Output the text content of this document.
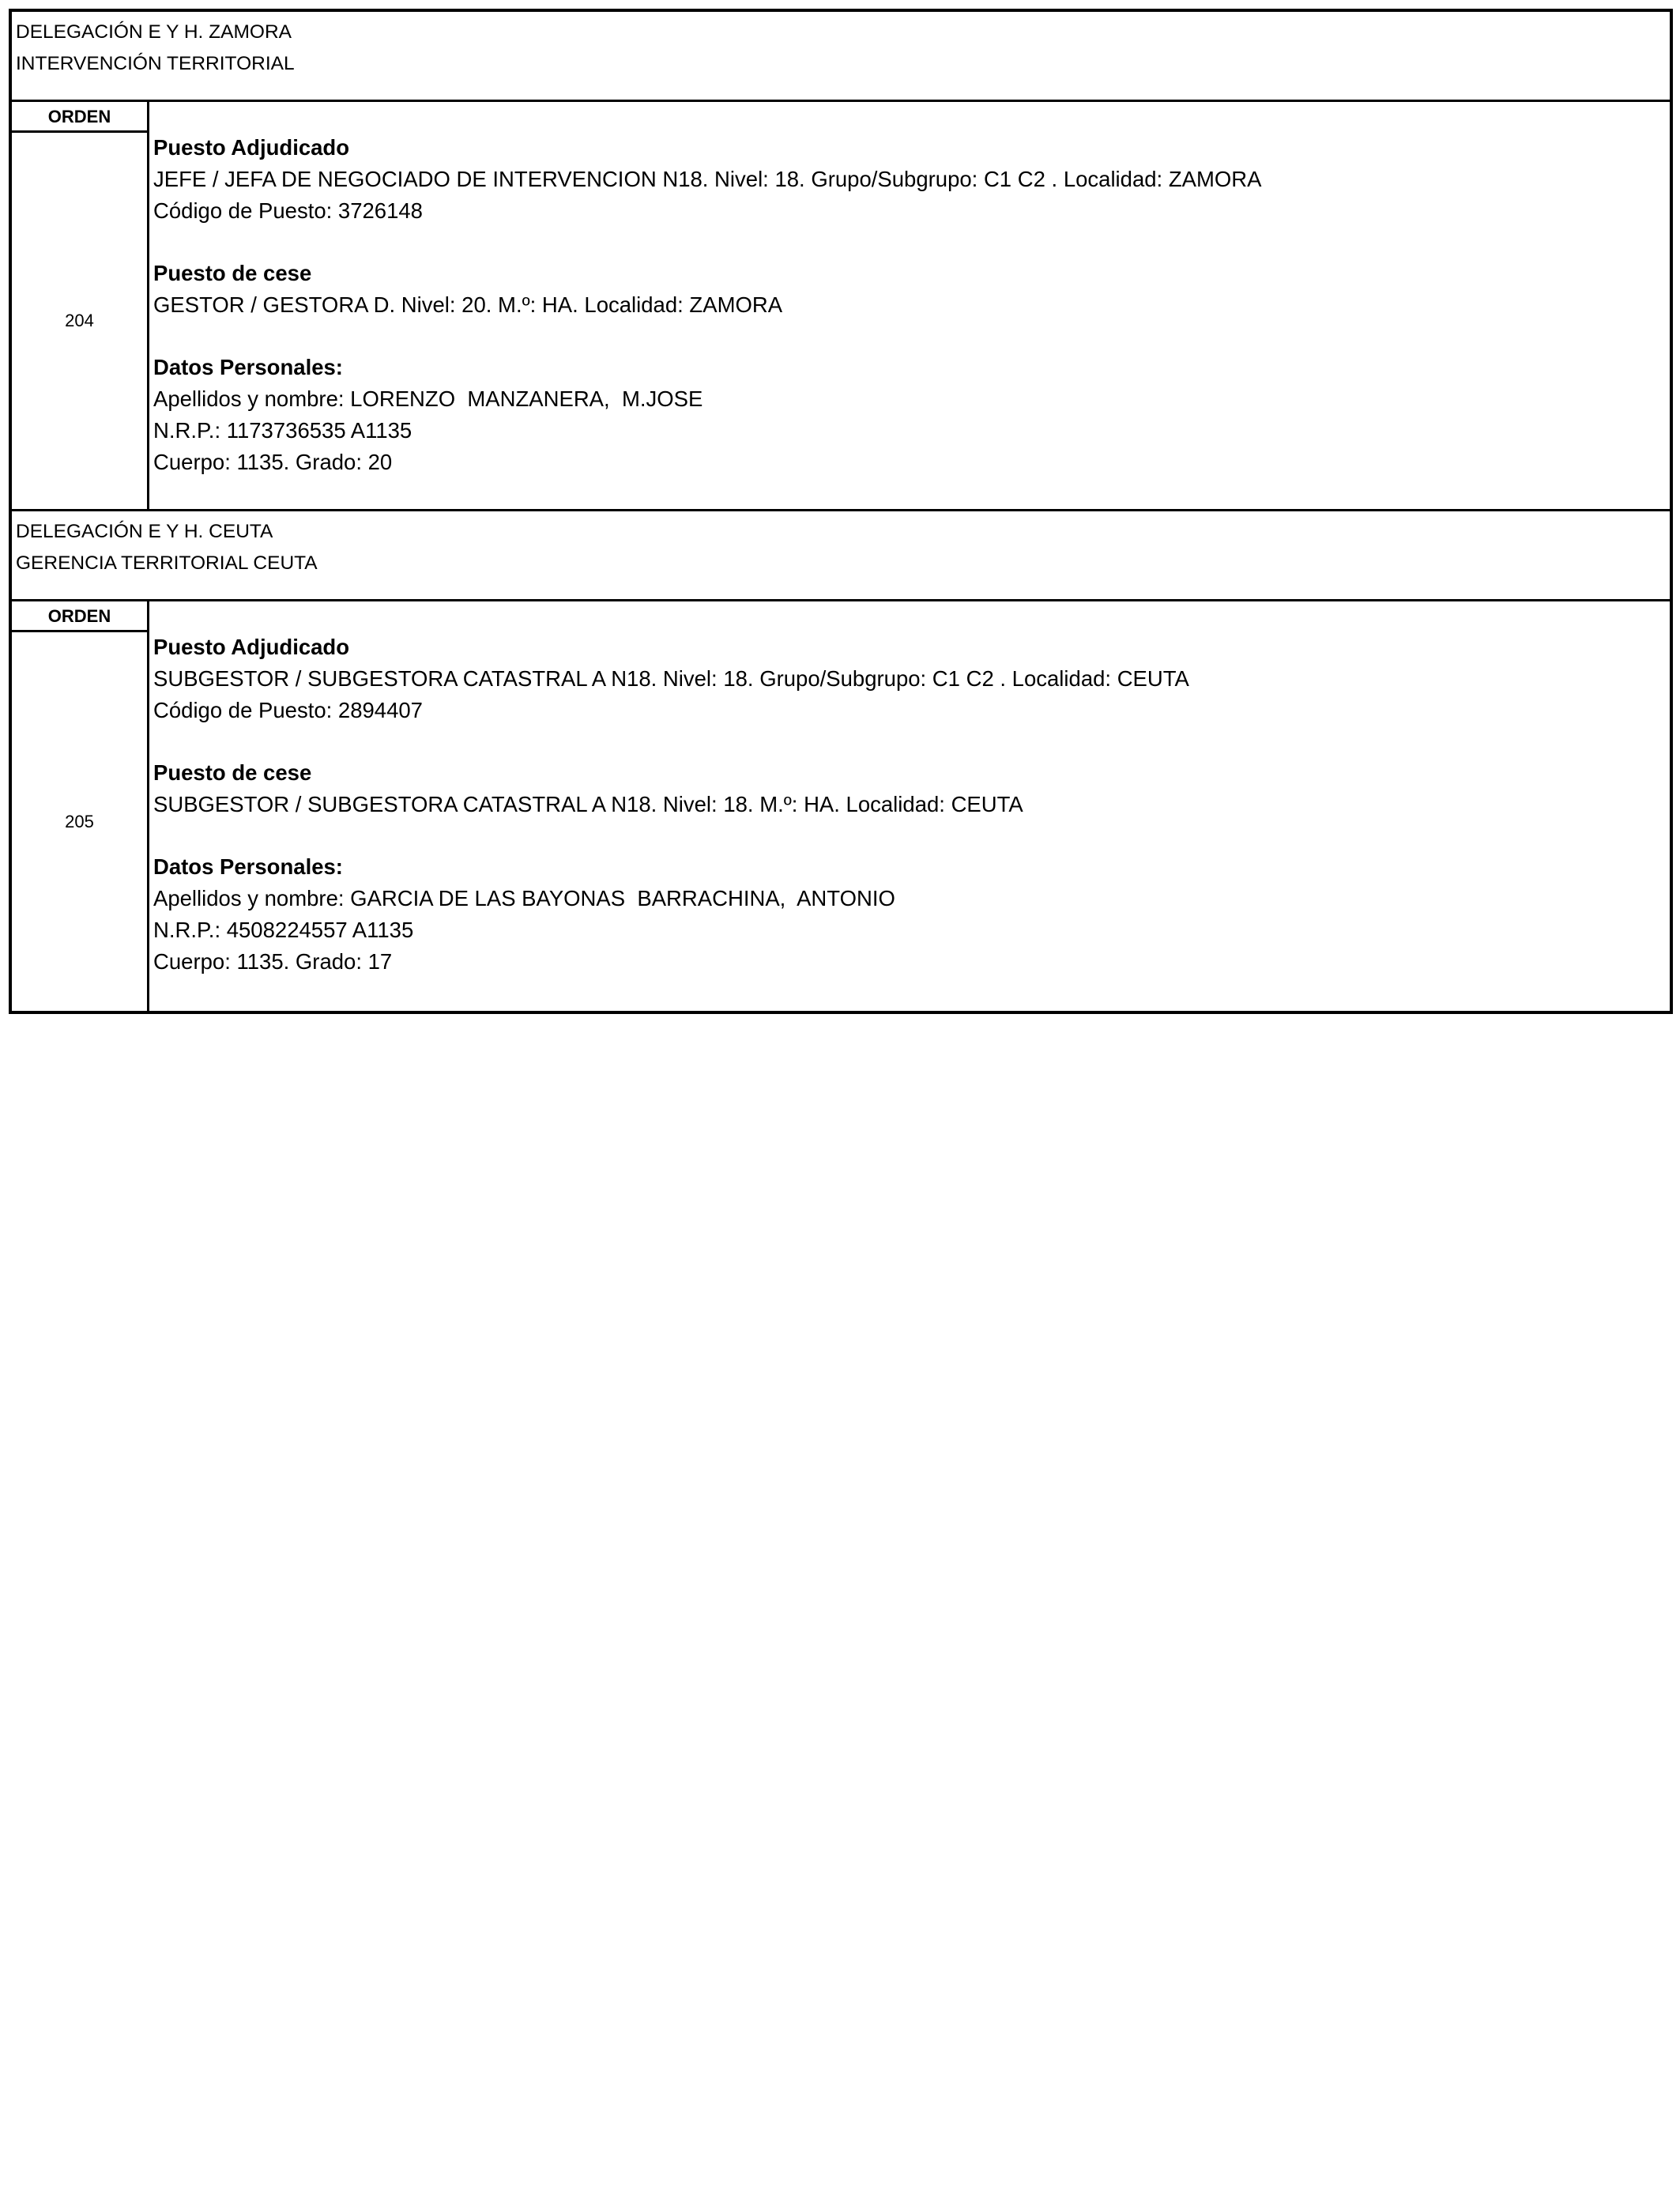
DELEGACIÓN E Y H. ZAMORA
INTERVENCIÓN TERRITORIAL
ORDEN
204
Puesto Adjudicado
JEFE / JEFA DE NEGOCIADO DE INTERVENCION N18. Nivel: 18. Grupo/Subgrupo: C1 C2 . Localidad: ZAMORA
Código de Puesto: 3726148
Puesto de cese
GESTOR / GESTORA D. Nivel: 20. M.º: HA. Localidad: ZAMORA
Datos Personales:
Apellidos y nombre: LORENZO  MANZANERA,  M.JOSE
N.R.P.: 1173736535 A1135
Cuerpo: 1135. Grado: 20
DELEGACIÓN E Y H. CEUTA
GERENCIA TERRITORIAL CEUTA
ORDEN
205
Puesto Adjudicado
SUBGESTOR / SUBGESTORA CATASTRAL A N18. Nivel: 18. Grupo/Subgrupo: C1 C2 . Localidad: CEUTA
Código de Puesto: 2894407
Puesto de cese
SUBGESTOR / SUBGESTORA CATASTRAL A N18. Nivel: 18. M.º: HA. Localidad: CEUTA
Datos Personales:
Apellidos y nombre: GARCIA DE LAS BAYONAS  BARRACHINA,  ANTONIO
N.R.P.: 4508224557 A1135
Cuerpo: 1135. Grado: 17
